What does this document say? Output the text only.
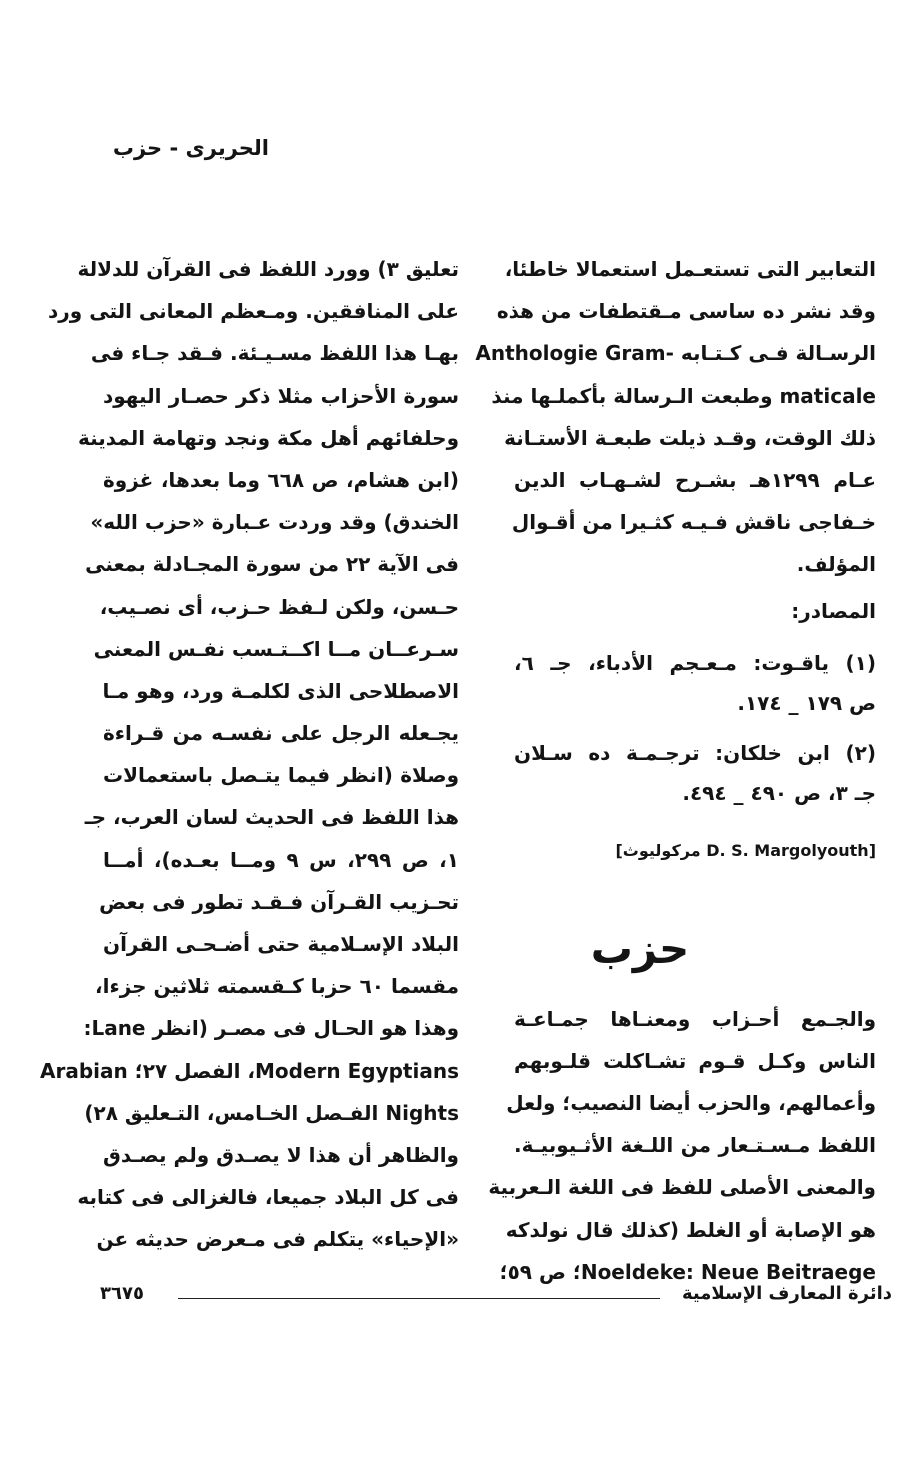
الحريرى - حزب
التعابير التى تستعـمل استعمالا خاطئا،
وقد نشر ده ساسى مـقتطفات من هذه
الرسـالة فـى كـتـابه -Anthologie Gram
maticale وطبعت الـرسالة بأكملـها منذ
ذلك الوقت، وقـد ذيلت طبعـة الأستـانة
عـام ١٢٩٩هـ بشـرح لشـهـاب الدين
خـفاجى ناقش فـيـه كثـيرا من أقـوال
المؤلف.
المصادر:
(١) ياقـوت: مـعـجم الأدباء، جـ ٦،
ص ١٧٩ _ ١٧٤.
(٢) ابن خلكان: ترجـمـة ده سـلان
جـ ٣، ص ٤٩٠ _ ٤٩٤.
[D. S. Margolyouth مركوليوث]
حزب
والجـمع أحـزاب ومعنـاها جمـاعـة
الناس وكـل قـوم تشـاكلت قلـوبهم
وأعمالهم، والحزب أيضا النصيب؛ ولعل
اللفظ مـسـتـعار من اللـغة الأثـيوبيـة.
والمعنى الأصلى للفظ فى اللغة الـعربية
هو الإصابة أو الغلط (كذلك قال نولدكه
Noeldeke: Neue Beitraege؛ ص ٥٩؛
تعليق ٣) وورد اللفظ فى القرآن للدلالة
على المنافقين. ومـعظم المعانى التى ورد
بهـا هذا اللفظ مسـيـئة. فـقد جـاء فى
سورة الأحزاب مثلا ذكر حصـار اليهود
وحلفائهم أهل مكة ونجد وتهامة المدينة
(ابن هشام، ص ٦٦٨ وما بعدها، غزوة
الخندق) وقد وردت عـبارة «حزب الله»
فى الآية ٢٢ من سورة المجـادلة بمعنى
حـسن، ولكن لـفظ حـزب، أى نصـيب،
سـرعــان مــا اكــتـسب نفـس المعنى
الاصطلاحى الذى لكلمـة ورد، وهو مـا
يجـعله الرجل على نفسـه من قـراءة
وصلاة (انظر فيما يتـصل باستعمالات
هذا اللفظ فى الحديث لسان العرب، جـ
١، ص ٢٩٩، س ٩ ومــا بعـده)، أمــا
تحـزيب القـرآن فـقـد تطور فى بعض
البلاد الإسـلامية حتى أضـحـى القرآن
مقسما ٦٠ حزبا كـقسمته ثلاثين جزءا،
وهذا هو الحـال فى مصـر (انظر Lane:
Modern Egyptians، الفصل ٢٧؛ Arabian
Nights الفـصل الخـامس، التـعليق ٢٨)
والظاهر أن هذا لا يصـدق ولم يصـدق
فى كل البلاد جميعا، فالغزالى فى كتابه
«الإحياء» يتكلم فى مـعرض حديثه عن
دائرة المعارف الإسلامية
٣٦٧٥
